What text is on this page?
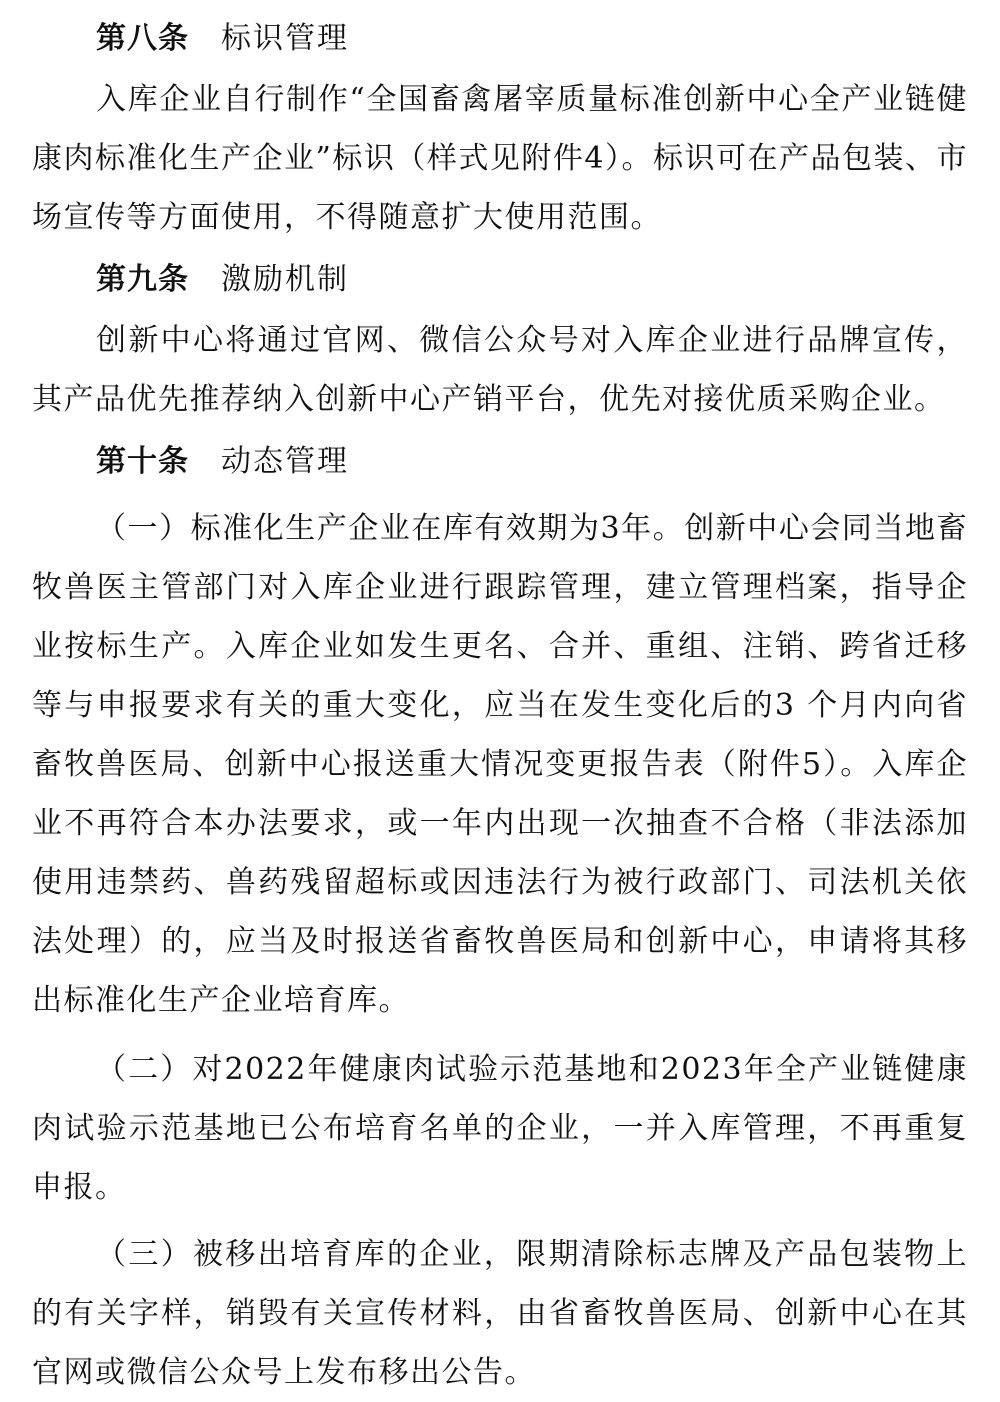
第八条 标识管理

入库企业自行制作“全国畜禽屠宰质量标准创新中心全产业链健康肉标准化生产企业”标识（样式见附件4）。标识可在产品包装、市场宣传等方面使用，不得随意扩大使用范围。

第九条 激励机制

创新中心将通过官网、微信公众号对入库企业进行品牌宣传，其产品优先推荐纳入创新中心产销平台，优先对接优质采购企业。

第十条 动态管理

（一）标准化生产企业在库有效期为3年。创新中心会同当地畜牧兽医主管部门对入库企业进行跟踪管理，建立管理档案，指导企业按标生产。入库企业如发生更名、合并、重组、注销、跨省迁移等与申报要求有关的重大变化，应当在发生变化后的3 个月内向省畜牧兽医局、创新中心报送重大情况变更报告表（附件5）。入库企业不再符合本办法要求，或一年内出现一次抽查不合格（非法添加使用违禁药、兽药残留超标或因违法行为被行政部门、司法机关依法处理）的，应当及时报送省畜牧兽医局和创新中心，申请将其移出标准化生产企业培育库。

（二）对2022年健康肉试验示范基地和2023年全产业链健康肉试验示范基地已公布培育名单的企业，一并入库管理，不再重复申报。

（三）被移出培育库的企业，限期清除标志牌及产品包装物上的有关字样，销毁有关宣传材料，由省畜牧兽医局、创新中心在其官网或微信公众号上发布移出公告。
